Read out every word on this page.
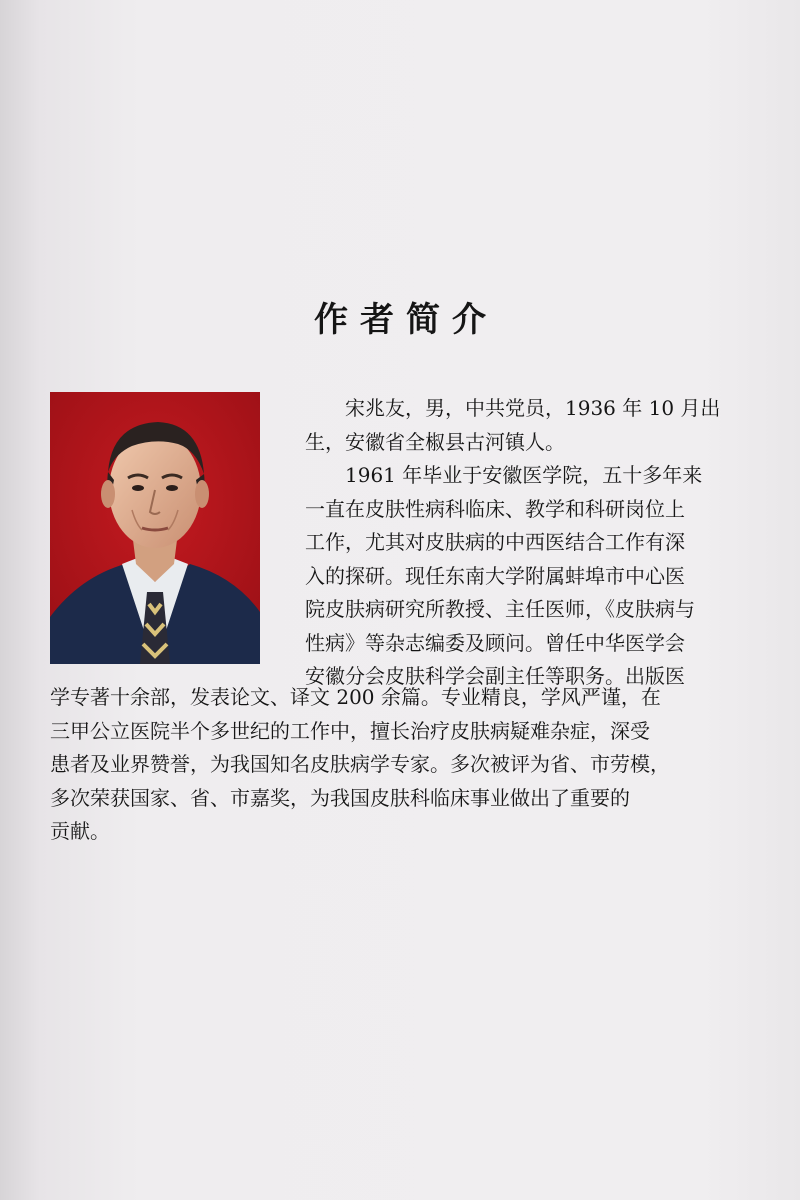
作者简介

宋兆友，男，中共党员，1936 年 10 月出

生，安徽省全椒县古河镇人。

1961 年毕业于安徽医学院，五十多年来

一直在皮肤性病科临床、教学和科研岗位上

工作，尤其对皮肤病的中西医结合工作有深

入的探研。现任东南大学附属蚌埠市中心医

院皮肤病研究所教授、主任医师，《皮肤病与

性病》等杂志编委及顾问。曾任中华医学会

安徽分会皮肤科学会副主任等职务。出版医

学专著十余部，发表论文、译文 200 余篇。专业精良，学风严谨，在

三甲公立医院半个多世纪的工作中，擅长治疗皮肤病疑难杂症，深受

患者及业界赞誉，为我国知名皮肤病学专家。多次被评为省、市劳模，

多次荣获国家、省、市嘉奖，为我国皮肤科临床事业做出了重要的

贡献。
